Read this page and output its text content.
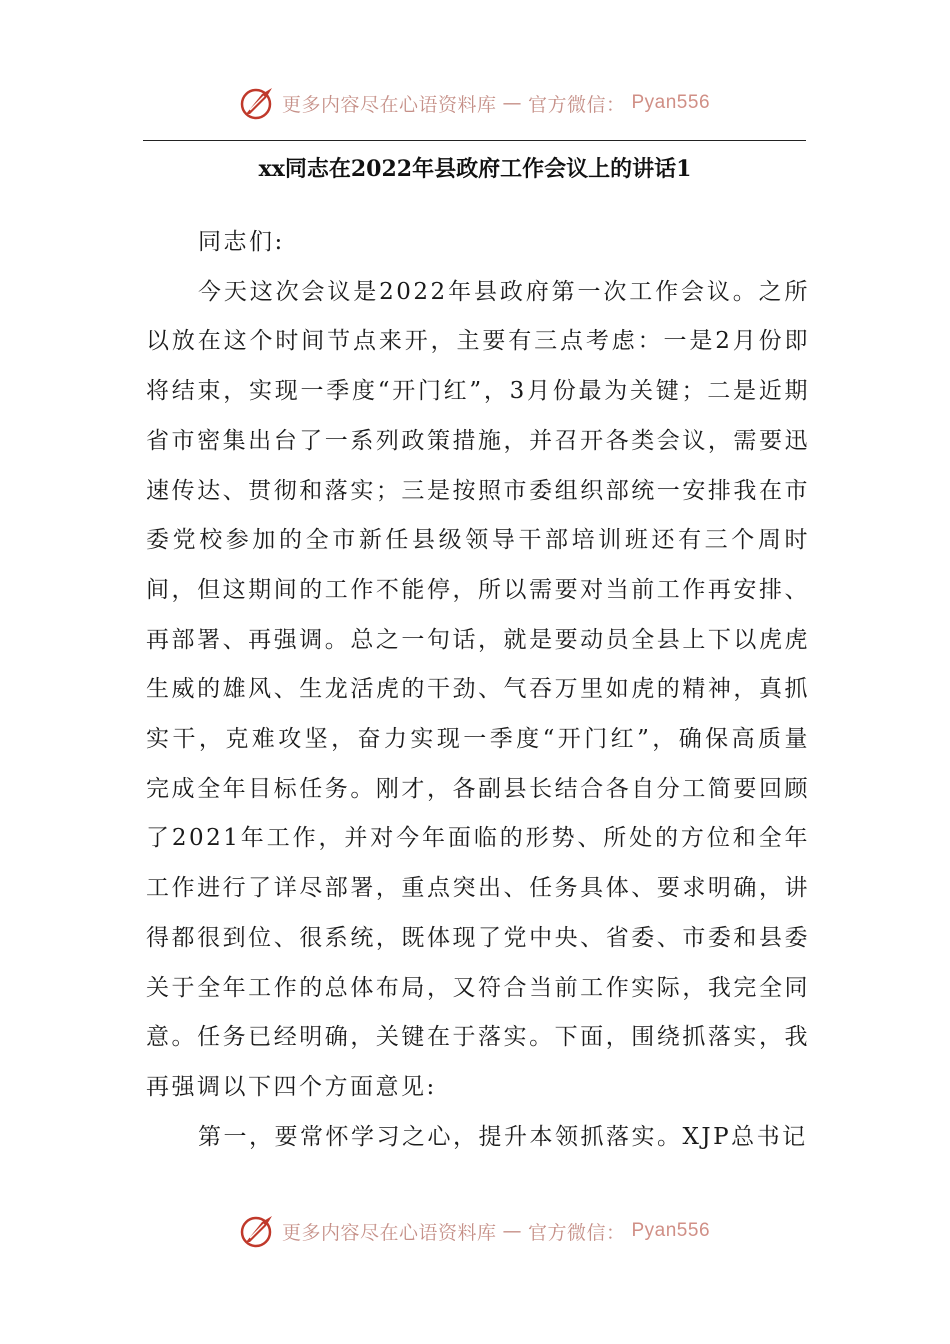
更多内容尽在心语资料库 — 官方微信： Pyan556
xx同志在2022年县政府工作会议上的讲话1

同志们:

今天这次会议是2022年县政府第一次工作会议。之所以放在这个时间节点来开，主要有三点考虑：一是2月份即将结束，实现一季度“开门红”，3月份最为关键；二是近期省市密集出台了一系列政策措施，并召开各类会议，需要迅速传达、贯彻和落实；三是按照市委组织部统一安排我在市委党校参加的全市新任县级领导干部培训班还有三个周时间，但这期间的工作不能停，所以需要对当前工作再安排、再部署、再强调。总之一句话，就是要动员全县上下以虎虎生威的雄风、生龙活虎的干劲、气吞万里如虎的精神，真抓实干，克难攻坚，奋力实现一季度“开门红”，确保高质量完成全年目标任务。刚才，各副县长结合各自分工简要回顾了2021年工作，并对今年面临的形势、所处的方位和全年工作进行了详尽部署，重点突出、任务具体、要求明确，讲得都很到位、很系统，既体现了党中央、省委、市委和县委关于全年工作的总体布局，又符合当前工作实际，我完全同意。任务已经明确，关键在于落实。下面，围绕抓落实，我再强调以下四个方面意见:

第一，要常怀学习之心，提升本领抓落实。XJP总书记

更多内容尽在心语资料库 — 官方微信： Pyan556
